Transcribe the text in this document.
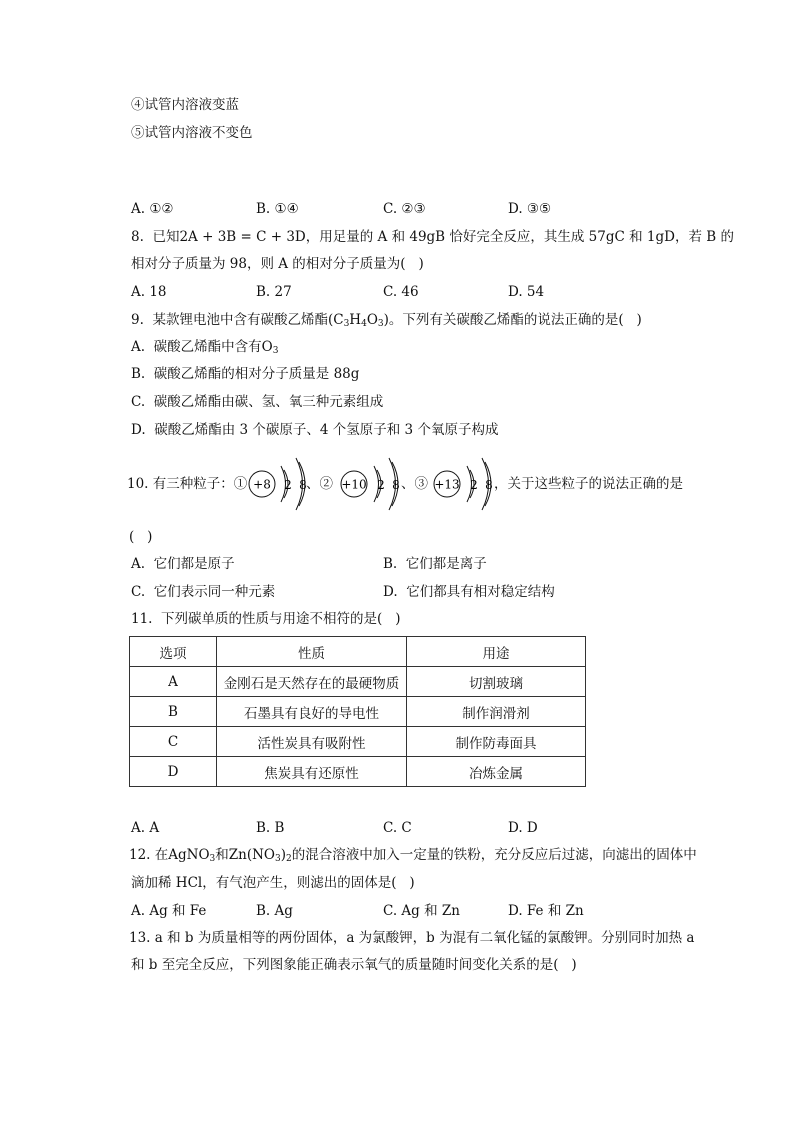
④试管内溶液变蓝
⑤试管内溶液不变色
A. ①②	B. ①④	C. ②③	D. ③⑤
8.  已知2A + 3B = C + 3D，用足量的 A 和 49gB 恰好完全反应，其生成 57gC 和 1gD，若 B 的
相对分子质量为 98，则 A 的相对分子质量为(   )
A. 18	B. 27	C. 46	D. 54
9.  某款锂电池中含有碳酸乙烯酯$(C_3H_4O_3)$。下列有关碳酸乙烯酯的说法正确的是(   )
A.  碳酸乙烯酯中含有$O_3$
B.  碳酸乙烯酯的相对分子质量是 88g
C.  碳酸乙烯酯由碳、氢、氧三种元素组成
D.  碳酸乙烯酯由 3 个碳原子、4 个氢原子和 3 个氧原子构成
10. 有三种粒子：① +8 2 8 、② +10 2 8 、③ +13 2 8 ，关于这些粒子的说法正确的是
(   )
A.  它们都是原子	B.  它们都是离子
C.  它们表示同一种元素	D.  它们都具有相对稳定结构
11.  下列碳单质的性质与用途不相符的是(   )
选项	性质	用途
A	金刚石是天然存在的最硬物质	切割玻璃
B	石墨具有良好的导电性	制作润滑剂
C	活性炭具有吸附性	制作防毒面具
D	焦炭具有还原性	冶炼金属
A. A	B. B	C. C	D. D
12. 在AgNO$_3$和$Zn(NO_3)_2$的混合溶液中加入一定量的铁粉，充分反应后过滤，向滤出的固体中
滴加稀 HCl，有气泡产生，则滤出的固体是(   )
A. Ag 和 Fe	B. Ag	C. Ag 和 Zn	D. Fe 和 Zn
13. a 和 b 为质量相等的两份固体，a 为氯酸钾，b 为混有二氧化锰的氯酸钾。分别同时加热 a
和 b 至完全反应，下列图象能正确表示氧气的质量随时间变化关系的是(   )
